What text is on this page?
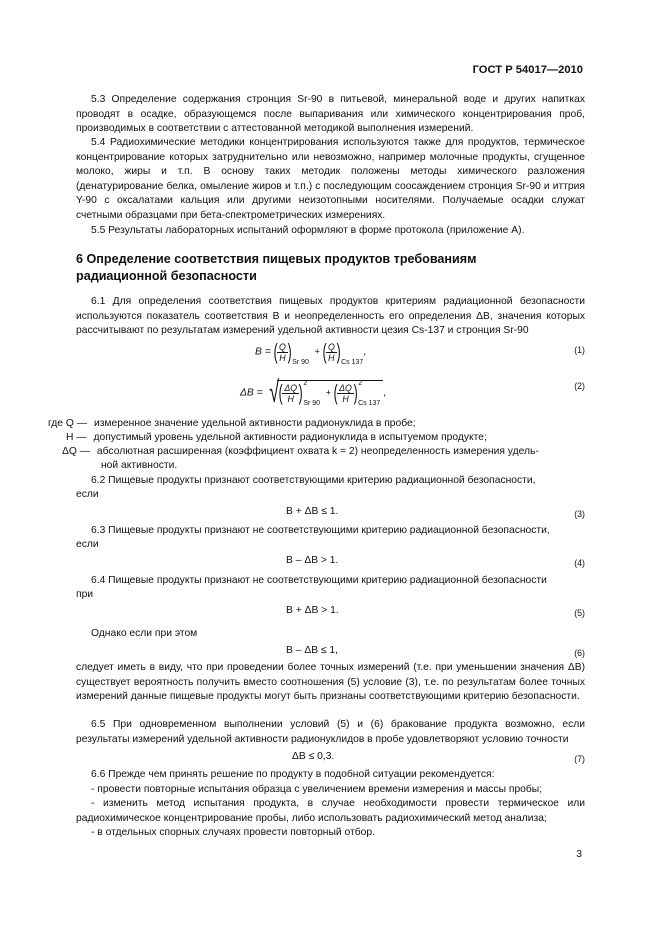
ГОСТ Р 54017—2010

5.3 Определение содержания стронция Sr-90 в питьевой, минеральной воде и других напитках проводят в осадке, образующемся после выпаривания или химического концентрирования проб, производимых в соответствии с аттестованной методикой выполнения измерений.

5.4 Радиохимические методики концентрирования используются также для продуктов, термическое концентрирование которых затруднительно или невозможно, например молочные продукты, сгущенное молоко, жиры и т.п. В основу таких методик положены методы химического разложения (денатурирование белка, омыление жиров и т.п.) с последующим соосаждением стронция Sr-90 и иттрия Y-90 с оксалатами кальция или другими неизотопными носителями. Получаемые осадки служат счетными образцами при бета-спектрометрических измерениях.

5.5 Результаты лабораторных испытаний оформляют в форме протокола (приложение А).

6 Определение соответствия пищевых продуктов требованиям

радиационной безопасности

6.1 Для определения соответствия пищевых продуктов критериям радиационной безопасности используются показатель соответствия B и неопределенность его определения ΔB, значения которых рассчитывают по результатам измерений удельной активности цезия Cs-137 и стронция Sr-90

B = ( $\frac{Q}{H} )_{Sr 90}$  + ( $\frac{Q}{H} )_{Cs 137}$,	(1)
ΔB = √( $\frac{\Delta Q}{H} )^2_{Sr 90}$  + ( $\frac{\Delta Q}{H} )^2_{Cs 137}$,
(2)
где Q — измеренное значение удельной активности радионуклида в пробе;
H — допустимый уровень удельной активности радионуклида в испытуемом продукте;
ΔQ — абсолютная расширенная (коэффициент охвата k = 2) неопределенность измерения удель-
ной активности.
6.2 Пищевые продукты признают соответствующими критерию радиационной безопасности,
если
B + ΔB ≤ 1.	(3)
6.3 Пищевые продукты признают не соответствующими критерию радиационной безопасности,
если
B – ΔB > 1.	(4)
6.4 Пищевые продукты признают не соответствующими критерию радиационной безопасности
при
B + ΔB > 1.	(5)
Однако если при этом
B – ΔB ≤ 1,	(6)

следует иметь в виду, что при проведении более точных измерений (т.е. при уменьшении значения ΔB) существует вероятность получить вместо соотношения (5) условие (3), т.е. по результатам более точных измерений данные пищевые продукты могут быть признаны соответствующими критерию безопасности.

6.5 При одновременном выполнении условий (5) и (6) бракование продукта возможно, если результаты измерений удельной активности радионуклидов в пробе удовлетворяют условию точности

ΔB ≤ 0,3.	(7)

6.6 Прежде чем принять решение по продукту в подобной ситуации рекомендуется:

- провести повторные испытания образца с увеличением времени измерения и массы пробы;

- изменить метод испытания продукта, в случае необходимости провести термическое или радиохимическое концентрирование пробы, либо использовать радиохимический метод анализа;

- в отдельных спорных случаях провести повторный отбор.

3
